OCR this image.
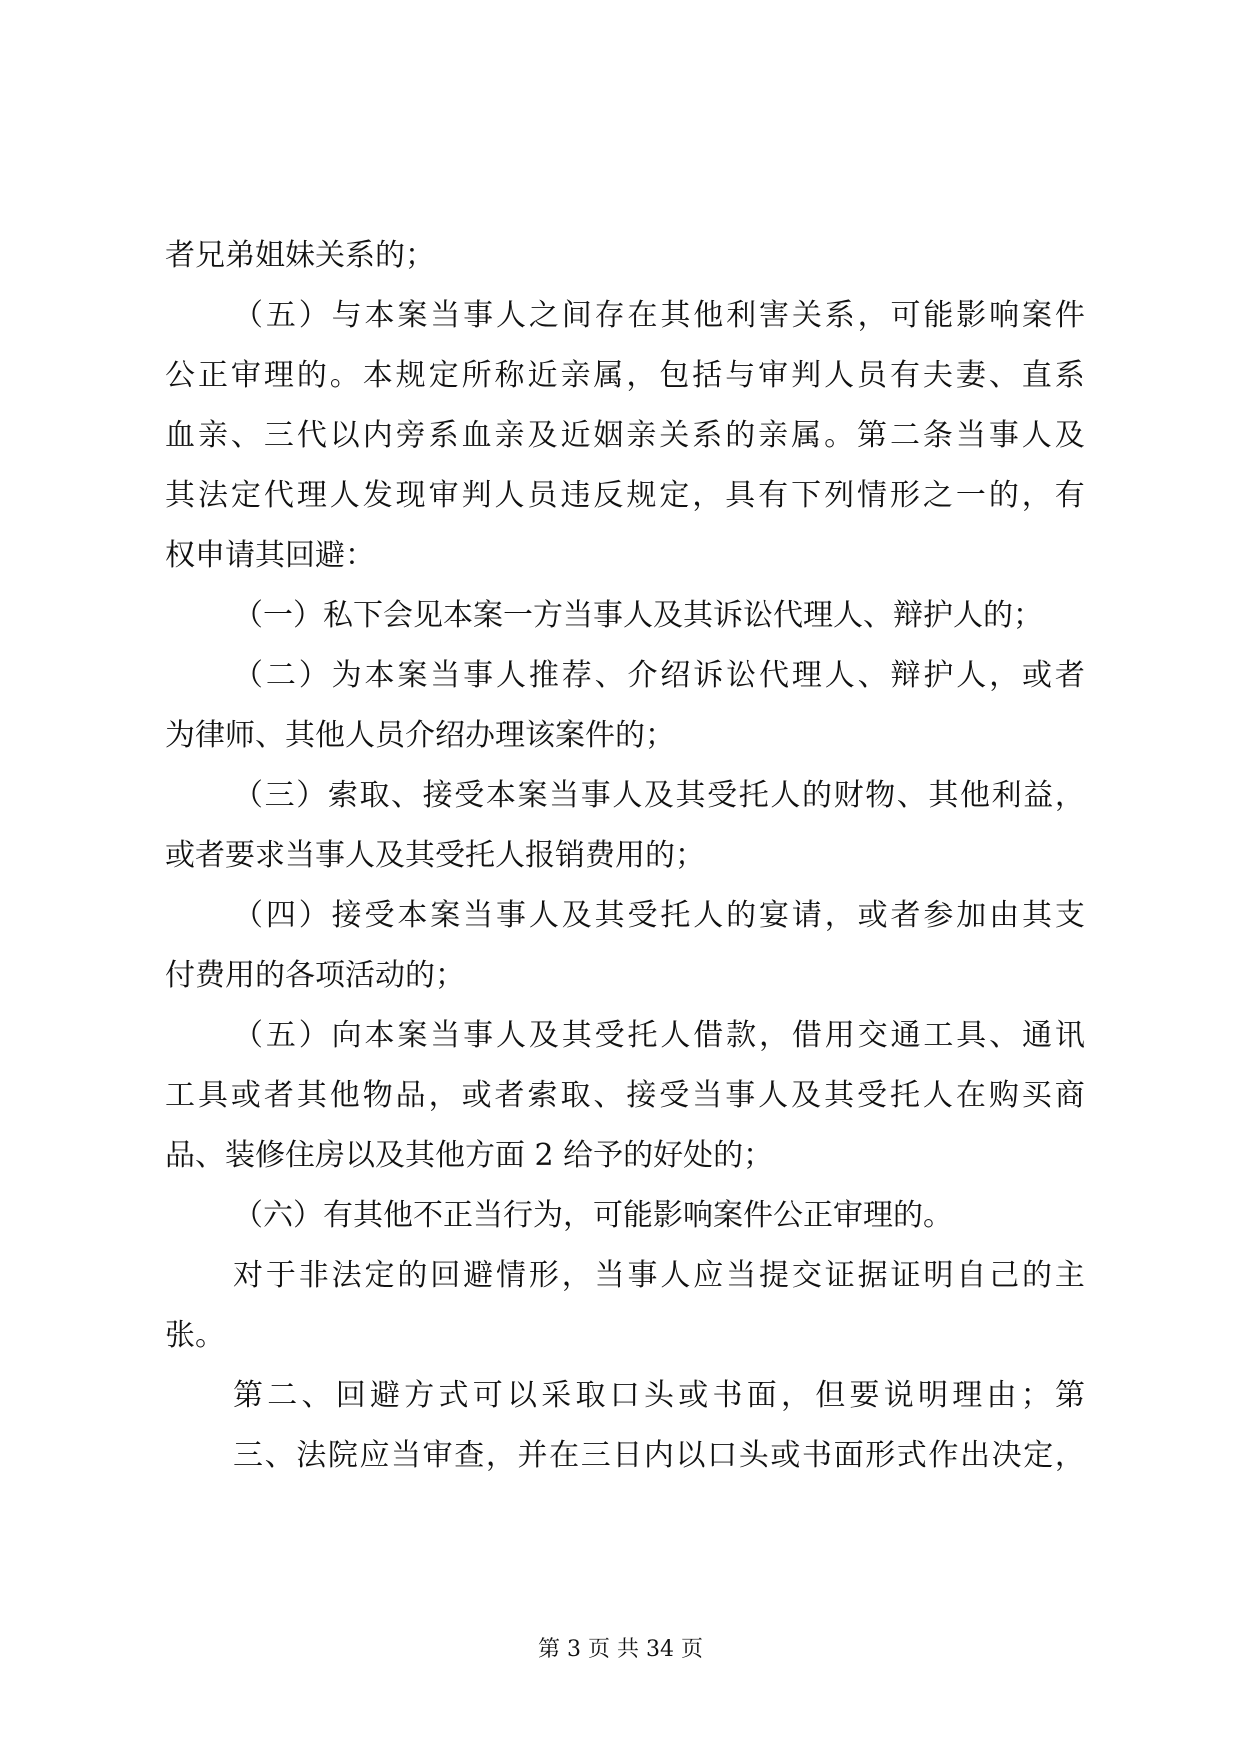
者兄弟姐妹关系的；
（ 五 ） 与 本 案 当 事 人 之 间 存 在 其 他 利 害 关 系 ， 可 能 影 响 案 件
公 正 审 理 的 。 本 规 定 所 称 近 亲 属 ， 包 括 与 审 判 人 员 有 夫 妻 、 直 系
血 亲 、 三 代 以 内 旁 系 血 亲 及 近 姻 亲 关 系 的 亲 属 。 第 二 条 当 事 人 及
其 法 定 代 理 人 发 现 审 判 人 员 违 反 规 定 ， 具 有 下 列 情 形 之 一 的 ， 有
权申请其回避：
（一）私下会见本案一方当事人及其诉讼代理人、辩护人的；
（ 二 ） 为 本 案 当 事 人 推 荐 、 介 绍 诉 讼 代 理 人 、 辩 护 人 ， 或 者
为律师、其他人员介绍办理该案件的；
（ 三 ） 索 取 、 接 受 本 案 当 事 人 及 其 受 托 人 的 财 物 、 其 他 利 益 ，
或者要求当事人及其受托人报销费用的；
（ 四 ） 接 受 本 案 当 事 人 及 其 受 托 人 的 宴 请 ， 或 者 参 加 由 其 支
付费用的各项活动的；
（ 五 ） 向 本 案 当 事 人 及 其 受 托 人 借 款 ， 借 用 交 通 工 具 、 通 讯
工 具 或 者 其 他 物 品 ， 或 者 索 取 、 接 受 当 事 人 及 其 受 托 人 在 购 买 商
品、装修住房以及其他方面 2 给予的好处的；
（六）有其他不正当行为，可能影响案件公正审理的。
对 于 非 法 定 的 回 避 情 形 ， 当 事 人 应 当 提 交 证 据 证 明 自 己 的 主
张。
第 二 、 回 避 方 式 可 以 采 取 口 头 或 书 面 ， 但 要 说 明 理 由 ； 第
三 、 法 院 应 当 审 查 ， 并 在 三 日 内 以 口 头 或 书 面 形 式 作 出 决 定 ，
第 3 页 共 34 页
